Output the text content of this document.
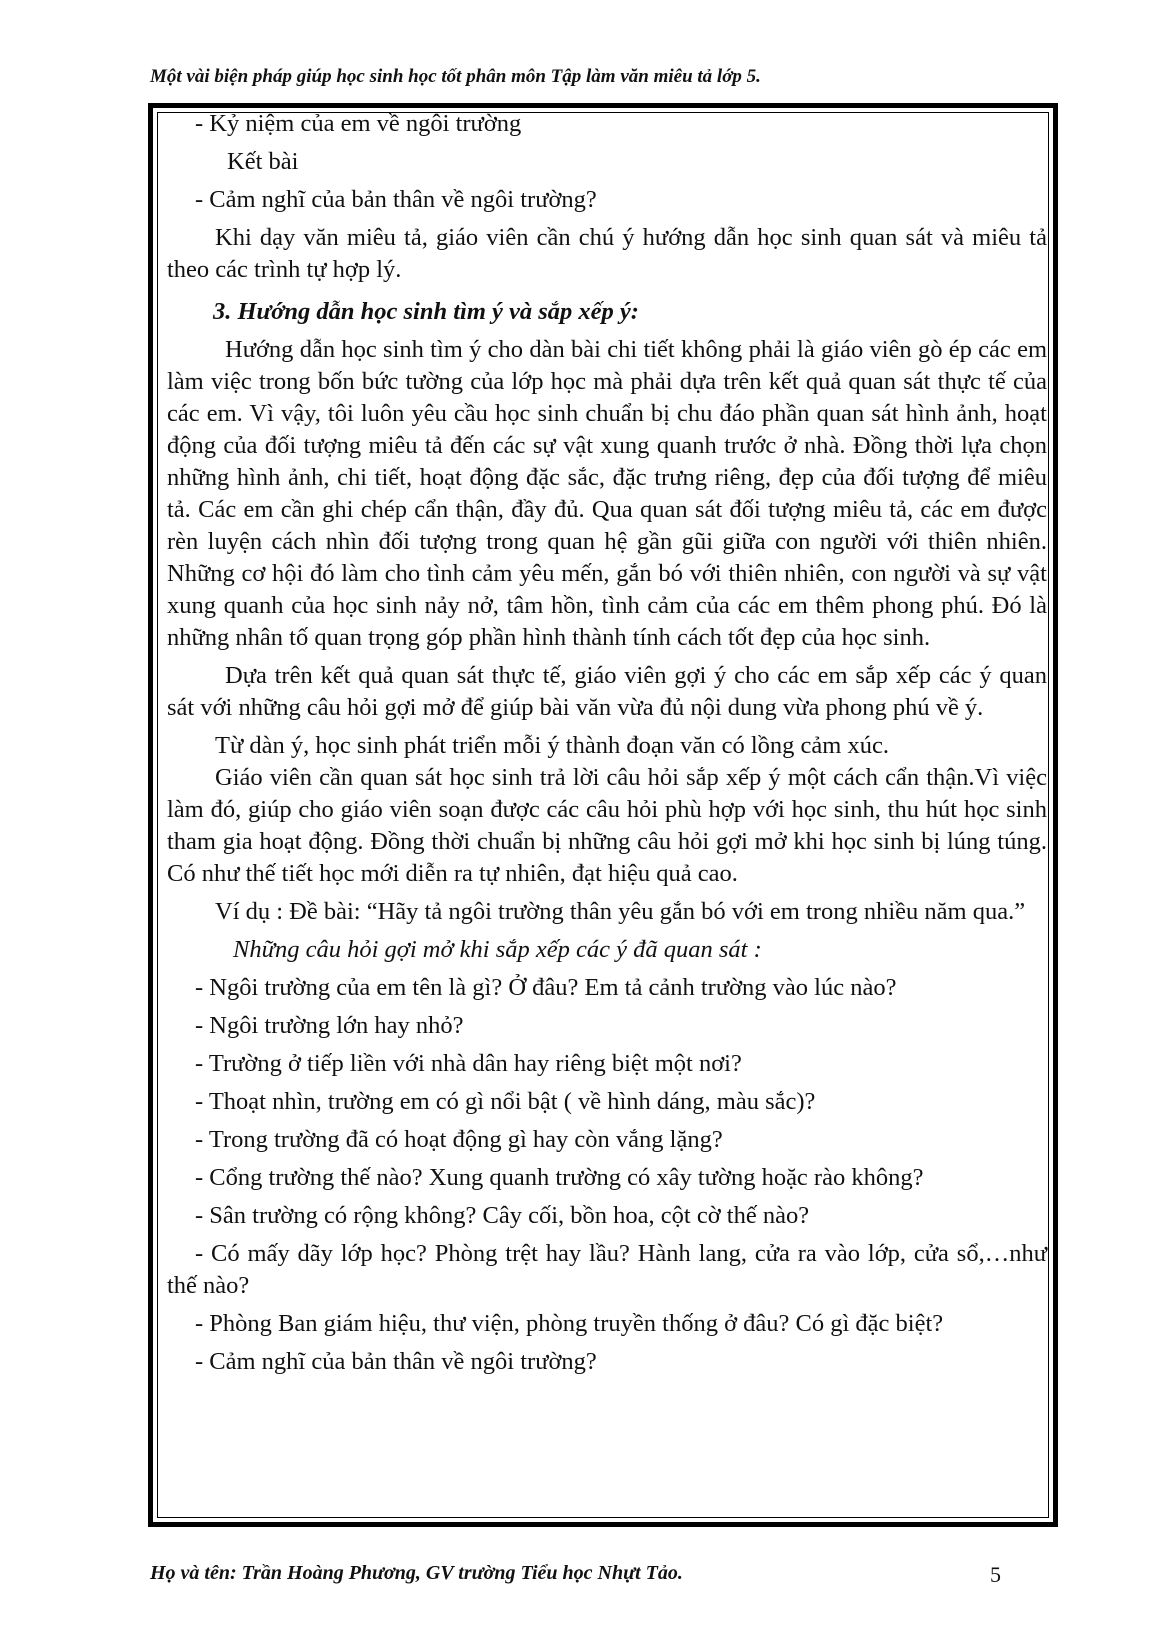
Một vài biện pháp giúp học sinh học tốt phân môn Tập làm văn miêu tả lớp 5.

- Kỷ niệm của em về ngôi trường

Kết bài

- Cảm nghĩ của bản thân về ngôi trường?

Khi dạy văn miêu tả, giáo viên cần chú ý hướng dẫn học sinh quan sát và miêu tả theo các trình tự hợp lý.

3. Hướng dẫn học sinh tìm ý và sắp xếp ý:

Hướng dẫn học sinh tìm ý cho dàn bài chi tiết không phải là giáo viên gò ép các em làm việc trong bốn bức tường của lớp học mà phải dựa trên kết quả quan sát thực tế của các em. Vì vậy, tôi luôn yêu cầu học sinh chuẩn bị chu đáo phần quan sát hình ảnh, hoạt động của đối tượng miêu tả đến các sự vật xung quanh trước ở nhà. Đồng thời lựa chọn những hình ảnh, chi tiết, hoạt động đặc sắc, đặc trưng riêng, đẹp của đối tượng để miêu tả. Các em cần ghi chép cẩn thận, đầy đủ. Qua quan sát đối tượng miêu tả, các em được rèn luyện cách nhìn đối tượng trong quan hệ gần gũi giữa con người với thiên nhiên. Những cơ hội đó làm cho tình cảm yêu mến, gắn bó với thiên nhiên, con người và sự vật xung quanh của học sinh nảy nở, tâm hồn, tình cảm của các em thêm phong phú. Đó là những nhân tố quan trọng góp phần hình thành tính cách tốt đẹp của học sinh.

Dựa trên kết quả quan sát thực tế, giáo viên gợi ý cho các em sắp xếp các ý quan sát với những câu hỏi gợi mở để giúp bài văn vừa đủ nội dung vừa phong phú về ý.

Từ dàn ý, học sinh phát triển mỗi ý thành đoạn văn có lồng cảm xúc.

Giáo viên cần quan sát học sinh trả lời câu hỏi sắp xếp ý một cách cẩn thận.Vì việc làm đó, giúp cho giáo viên soạn được các câu hỏi phù hợp với học sinh, thu hút học sinh tham gia hoạt động. Đồng thời chuẩn bị những câu hỏi gợi mở khi học sinh bị lúng túng. Có như thế tiết học mới diễn ra tự nhiên, đạt hiệu quả cao.

Ví dụ : Đề bài: “Hãy tả ngôi trường thân yêu gắn bó với em trong nhiều năm qua.”

Những câu hỏi gợi mở khi sắp xếp các ý đã quan sát :

- Ngôi trường của em tên là gì? Ở đâu? Em tả cảnh trường vào lúc nào?

- Ngôi trường lớn hay nhỏ?

- Trường ở tiếp liền với nhà dân hay riêng biệt một nơi?

- Thoạt nhìn, trường em có gì nổi bật ( về hình dáng, màu sắc)?

- Trong trường đã có hoạt động gì hay còn vắng lặng?

- Cổng trường thế nào? Xung quanh trường có xây tường hoặc rào không?

- Sân trường có rộng không? Cây cối, bồn hoa, cột cờ thế nào?

- Có mấy dãy lớp học? Phòng trệt hay lầu? Hành lang, cửa ra vào lớp, cửa sổ,…như thế nào?

- Phòng Ban giám hiệu, thư viện, phòng truyền thống ở đâu? Có gì đặc biệt?

- Cảm nghĩ của bản thân về ngôi trường?

Họ và tên: Trần Hoàng Phương, GV trường Tiểu học Nhựt Tảo.	5
